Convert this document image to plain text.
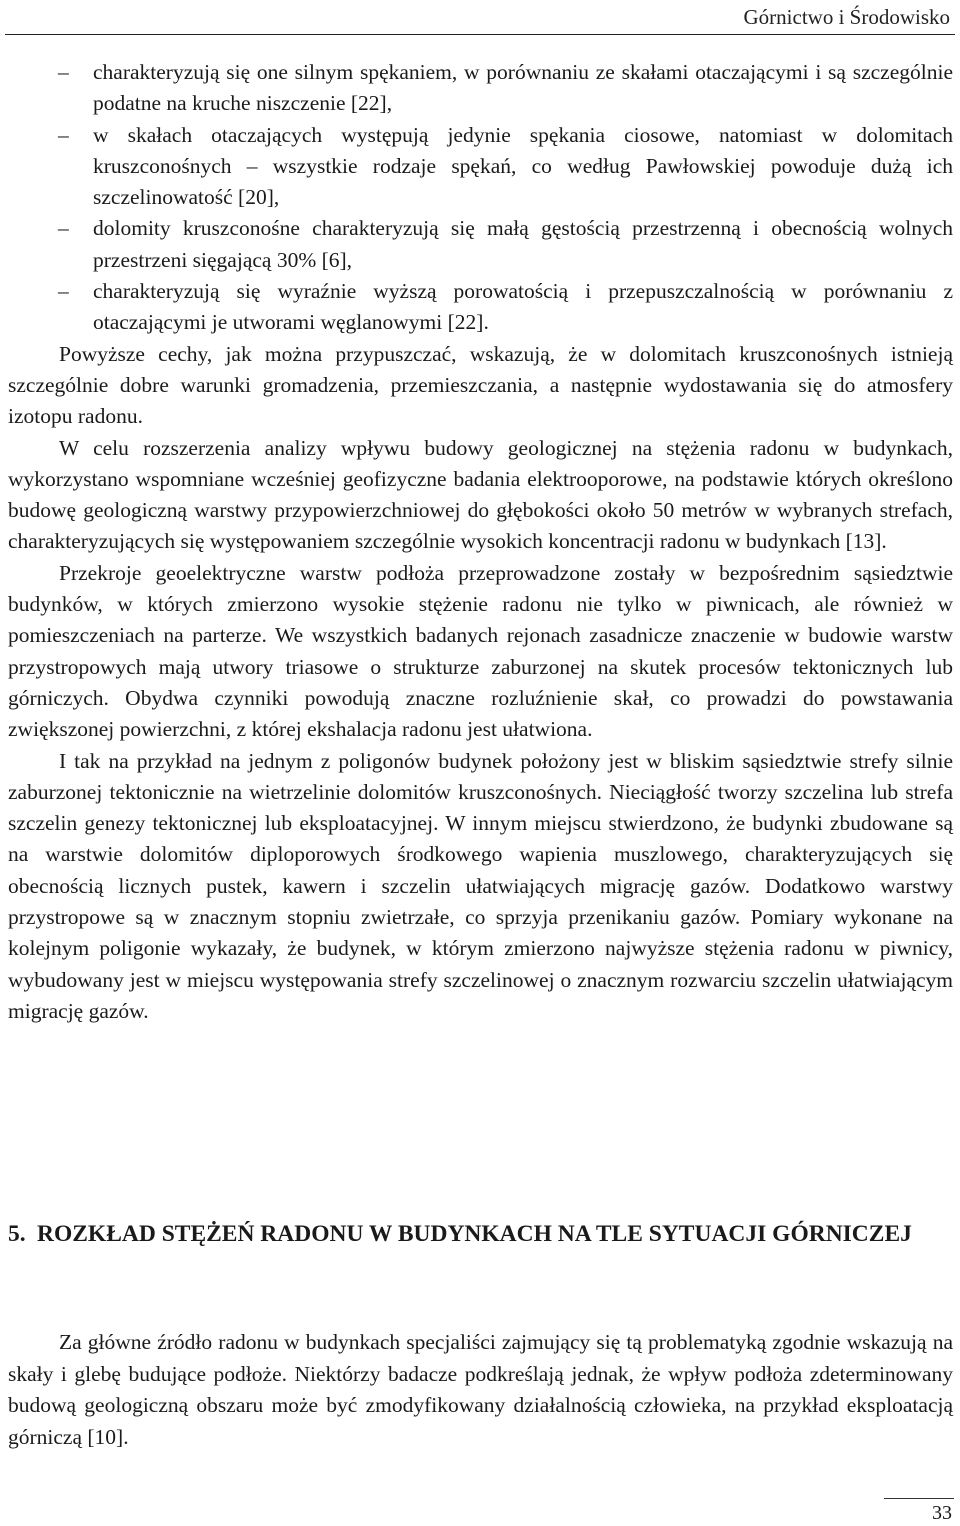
Górnictwo i Środowisko
– charakteryzują się one silnym spękaniem, w porównaniu ze skałami otaczającymi i są szczególnie podatne na kruche niszczenie [22],
– w skałach otaczających występują jedynie spękania ciosowe, natomiast w dolomitach kruszconośnych – wszystkie rodzaje spękań, co według Pawłowskiej powoduje dużą ich szczelinowatość [20],
– dolomity kruszconośne charakteryzują się małą gęstością przestrzenną i obecnością wolnych przestrzeni sięgającą 30% [6],
– charakteryzują się wyraźnie wyższą porowatością i przepuszczalnością w porównaniu z otaczającymi je utworami węglanowymi [22].

Powyższe cechy, jak można przypuszczać, wskazują, że w dolomitach kruszconośnych istnieją szczególnie dobre warunki gromadzenia, przemieszczania, a następnie wydostawania się do atmosfery izotopu radonu.

W celu rozszerzenia analizy wpływu budowy geologicznej na stężenia radonu w budynkach, wykorzystano wspomniane wcześniej geofizyczne badania elektrooporowe, na podstawie których określono budowę geologiczną warstwy przypowierzchniowej do głębokości około 50 metrów w wybranych strefach, charakteryzujących się występowaniem szczególnie wysokich koncentracji radonu w budynkach [13].

Przekroje geoelektryczne warstw podłoża przeprowadzone zostały w bezpośrednim sąsiedztwie budynków, w których zmierzono wysokie stężenie radonu nie tylko w piwnicach, ale również w pomieszczeniach na parterze. We wszystkich badanych rejonach zasadnicze znaczenie w budowie warstw przystropowych mają utwory triasowe o strukturze zaburzonej na skutek procesów tektonicznych lub górniczych. Obydwa czynniki powodują znaczne rozluźnienie skał, co prowadzi do powstawania zwiększonej powierzchni, z której ekshalacja radonu jest ułatwiona.

I tak na przykład na jednym z poligonów budynek położony jest w bliskim sąsiedztwie strefy silnie zaburzonej tektonicznie na wietrzelinie dolomitów kruszconośnych. Nieciągłość tworzy szczelina lub strefa szczelin genezy tektonicznej lub eksploatacyjnej. W innym miejscu stwierdzono, że budynki zbudowane są na warstwie dolomitów diploporowych środkowego wapienia muszlowego, charakteryzujących się obecnością licznych pustek, kawern i szczelin ułatwiających migrację gazów. Dodatkowo warstwy przystropowe są w znacznym stopniu zwietrzałe, co sprzyja przenikaniu gazów. Pomiary wykonane na kolejnym poligonie wykazały, że budynek, w którym zmierzono najwyższe stężenia radonu w piwnicy, wybudowany jest w miejscu występowania strefy szczelinowej o znacznym rozwarciu szczelin ułatwiającym migrację gazów.

5. ROZKŁAD STĘŻEŃ RADONU W BUDYNKACH NA TLE SYTUACJI GÓRNICZEJ

Za główne źródło radonu w budynkach specjaliści zajmujący się tą problematyką zgodnie wskazują na skały i glebę budujące podłoże. Niektórzy badacze podkreślają jednak, że wpływ podłoża zdeterminowany budową geologiczną obszaru może być zmodyfikowany działalnością człowieka, na przykład eksploatacją górniczą [10].

33
